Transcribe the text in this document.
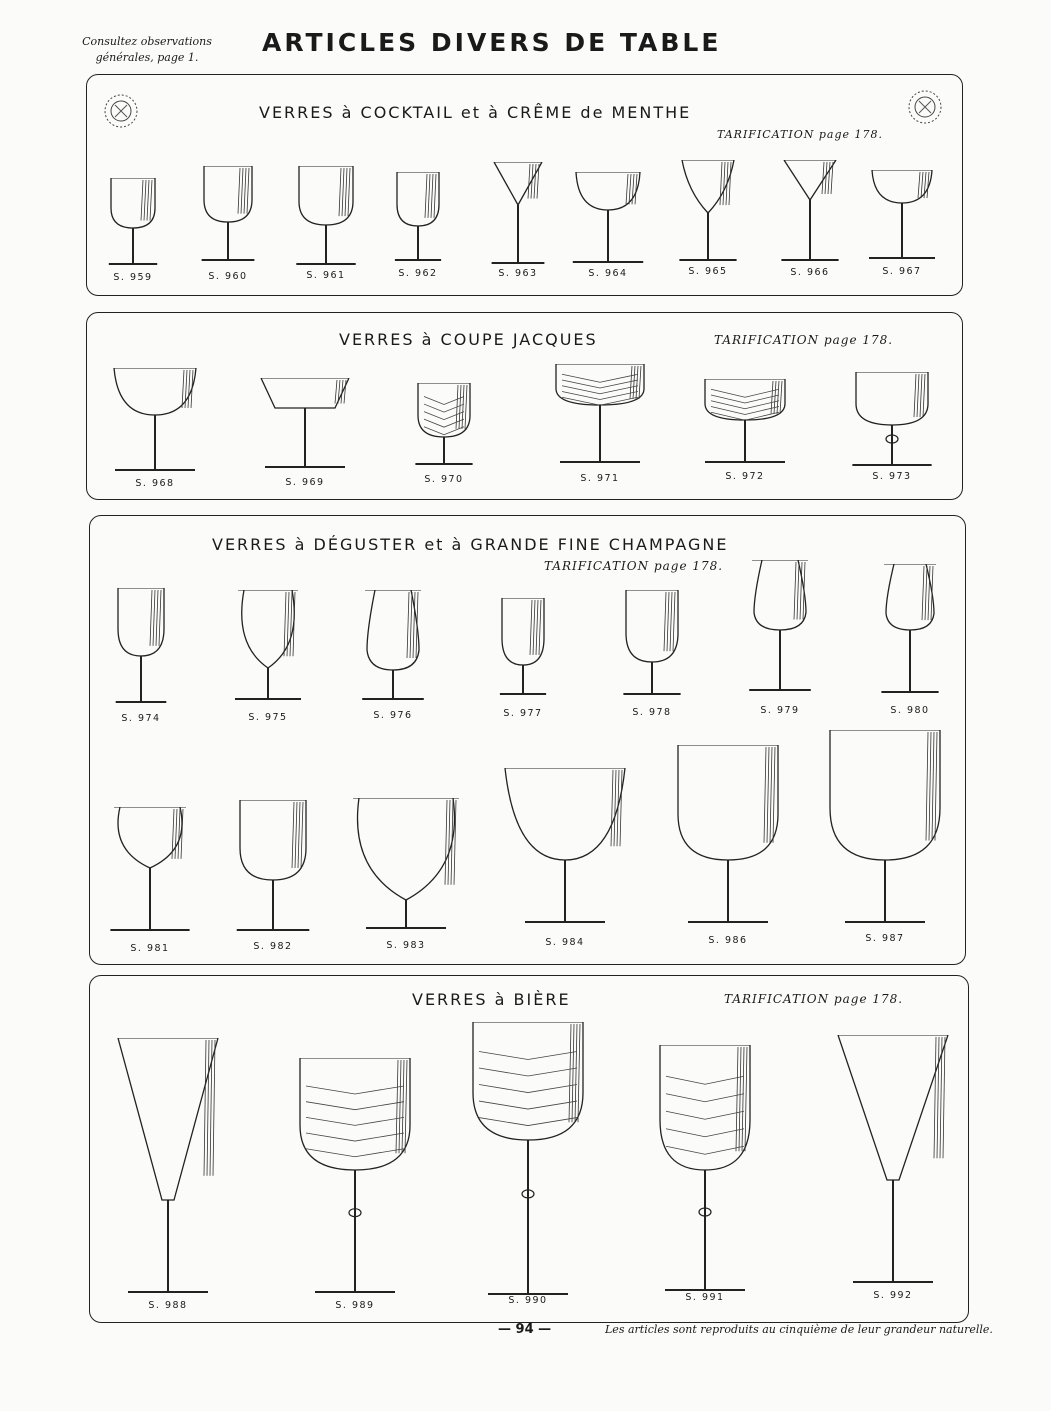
Consultez observations
générales, page 1.
ARTICLES DIVERS DE TABLE
VERRES à COCKTAIL et à CRÊME de MENTHE
TARIFICATION page 178.
VERRES à COUPE JACQUES	TARIFICATION page 178.
VERRES à DÉGUSTER et à GRANDE FINE CHAMPAGNE
TARIFICATION page 178.
VERRES à BIÈRE	TARIFICATION page 178.
S. 959	S. 960	S. 961	S. 962	S. 963	S. 964	S. 965	S. 966	S. 967
S. 968	S. 969	S. 970	S. 971	S. 972	S. 973
S. 974	S. 975	S. 976	S. 977	S. 978	S. 979	S. 980
S. 981	S. 982	S. 983	S. 984	S. 986	S. 987
S. 988	S. 989	S. 990	S. 991	S. 992
— 94 —	Les articles sont reproduits au cinquième de leur grandeur naturelle.
